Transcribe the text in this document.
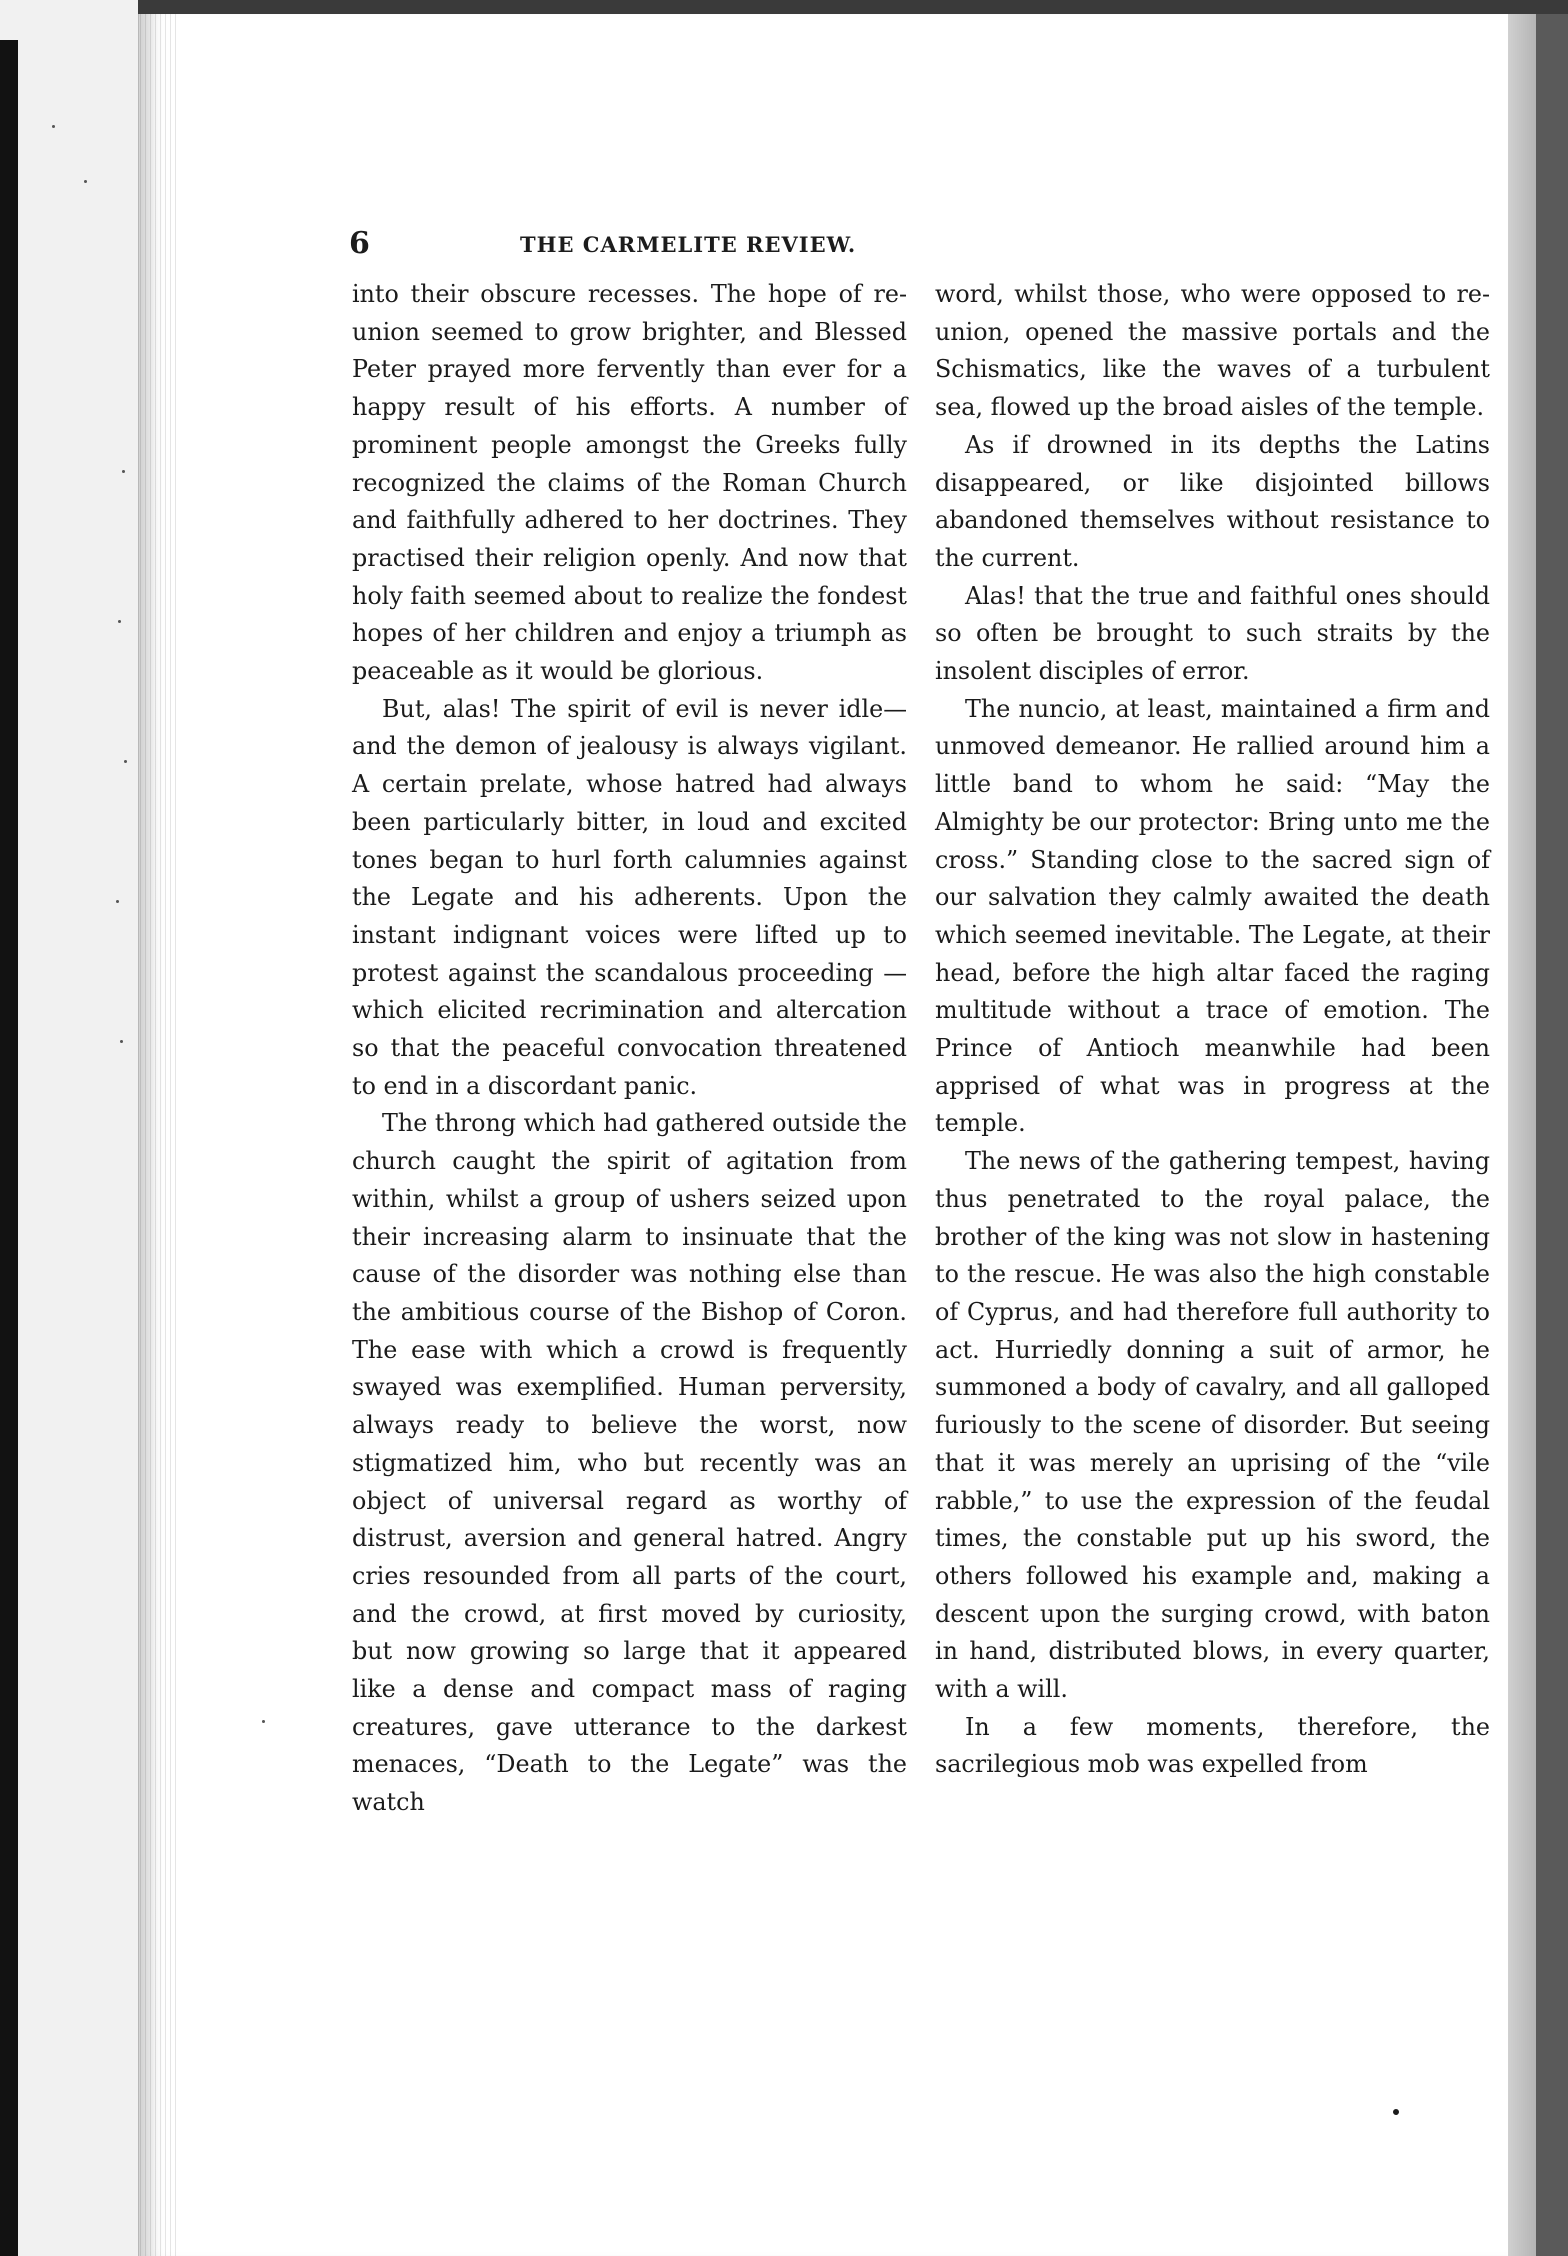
6	THE CARMELITE REVIEW.

into their obscure recesses. The hope of re-union seemed to grow brighter, and Blessed Peter prayed more fervently than ever for a happy result of his efforts. A number of prominent people amongst the Greeks fully recognized the claims of the Roman Church and faithfully adhered to her doctrines. They practised their religion openly. And now that holy faith seemed about to realize the fondest hopes of her children and enjoy a triumph as peaceable as it would be glorious.

But, alas! The spirit of evil is never idle—and the demon of jealousy is always vigilant. A certain prelate, whose hatred had always been particularly bitter, in loud and excited tones began to hurl forth calumnies against the Legate and his adherents. Upon the instant indignant voices were lifted up to protest against the scandalous proceeding — which elicited recrimination and altercation so that the peaceful convocation threatened to end in a discordant panic.

The throng which had gathered outside the church caught the spirit of agitation from within, whilst a group of ushers seized upon their increasing alarm to insinuate that the cause of the disorder was nothing else than the ambitious course of the Bishop of Coron. The ease with which a crowd is frequently swayed was exemplified. Human perversity, always ready to believe the worst, now stigmatized him, who but recently was an object of universal regard as worthy of distrust, aversion and general hatred. Angry cries resounded from all parts of the court, and the crowd, at first moved by curiosity, but now growing so large that it appeared like a dense and compact mass of raging creatures, gave utterance to the darkest menaces, “Death to the Legate” was the watch

word, whilst those, who were opposed to re-union, opened the massive portals and the Schismatics, like the waves of a turbulent sea, flowed up the broad aisles of the temple.

As if drowned in its depths the Latins disappeared, or like disjointed billows abandoned themselves without resistance to the current.

Alas! that the true and faithful ones should so often be brought to such straits by the insolent disciples of error.

The nuncio, at least, maintained a firm and unmoved demeanor. He rallied around him a little band to whom he said: “May the Almighty be our protector: Bring unto me the cross.” Standing close to the sacred sign of our salvation they calmly awaited the death which seemed inevitable. The Legate, at their head, before the high altar faced the raging multitude without a trace of emotion. The Prince of Antioch meanwhile had been apprised of what was in progress at the temple.

The news of the gathering tempest, having thus penetrated to the royal palace, the brother of the king was not slow in hastening to the rescue. He was also the high constable of Cyprus, and had therefore full authority to act. Hurriedly donning a suit of armor, he summoned a body of cavalry, and all galloped furiously to the scene of disorder. But seeing that it was merely an uprising of the “vile rabble,” to use the expression of the feudal times, the constable put up his sword, the others followed his example and, making a descent upon the surging crowd, with baton in hand, distributed blows, in every quarter, with a will.

In a few moments, therefore, the sacrilegious mob was expelled from
